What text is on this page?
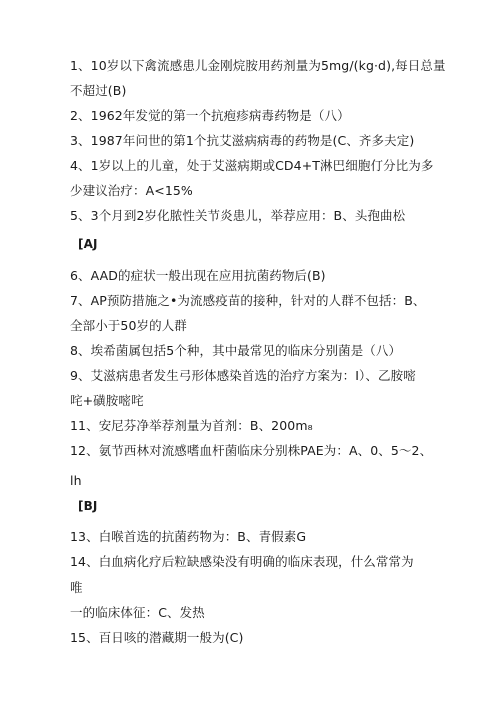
1、10岁以下禽流感患儿金刚烷胺用药剂量为5mg/(kg·d),每日总量
不超过(B)
2、1962年发觉的第一个抗疱疹病毒药物是（八）
3、1987年问世的第1个抗艾滋病病毒的药物是(C、齐多夫定)
4、1岁以上的儿童，处于艾滋病期或CD4+T淋巴细胞仃分比为多
少建议治疗：A<15%
5、3个月到2岁化脓性关节炎患儿，举荐应用：B、头孢曲松
[AJ
6、AAD的症状一般出现在应用抗菌药物后(B)
7、AP预防措施之•为流感疫苗的接种，针对的人群不包括：B、
全部小于50岁的人群
8、埃希菌属包括5个种，其中最常见的临床分别菌是（八）
9、艾滋病患者发生弓形体感染首选的治疗方案为：I）、乙胺嘧
咤+磺胺嘧咤
11、安尼芬净举荐剂量为首剂：B、200m₈
12、氨节西林对流感嗜血杆菌临床分别株PAE为：A、0、5〜2、
lh
[BJ
13、白喉首选的抗菌药物为：B、青假素G
14、白血病化疗后粒缺感染没有明确的临床表现，什么常常为
唯
一的临床体征：C、发热
15、百日咳的潜藏期一般为(C)
